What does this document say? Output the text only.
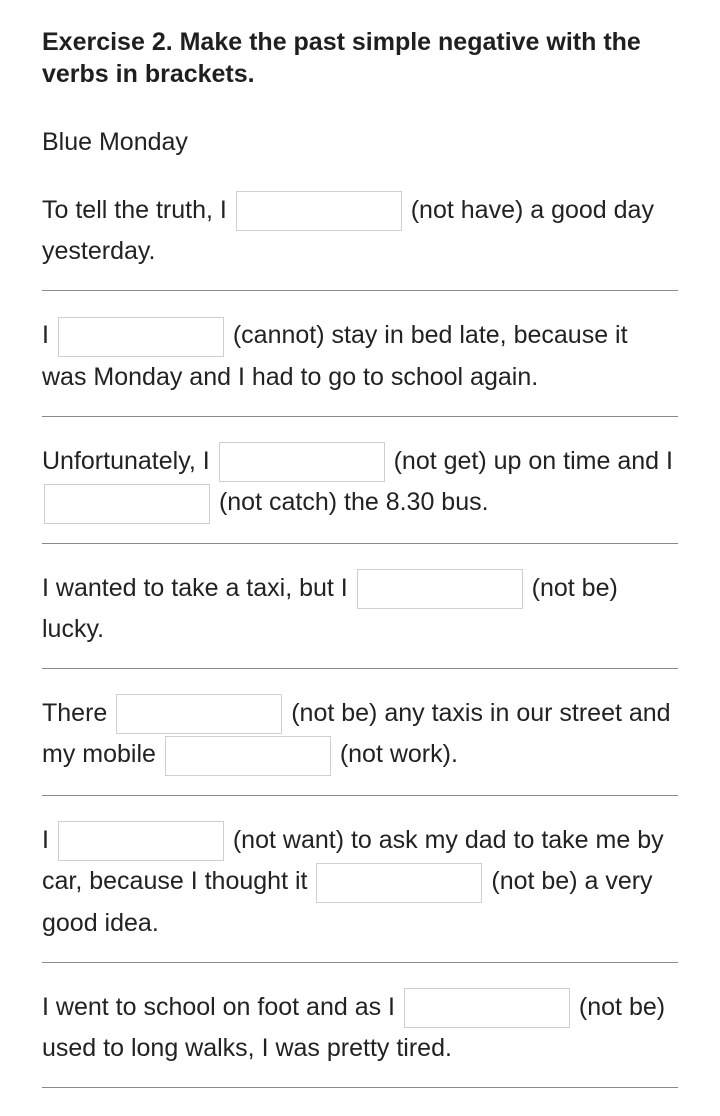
Exercise 2. Make the past simple negative with the verbs in brackets.
Blue Monday
To tell the truth, I	(not have) a good day yesterday.
I	(cannot) stay in bed late, because it was Monday and I had to go to school again.
Unfortunately, I	(not get) up on time and I  (not catch) the 8.30 bus.
I wanted to take a taxi, but I	(not be) lucky.
There	(not be) any taxis in our street and my mobile	(not work).
I	(not want) to ask my dad to take me by car, because I thought it	(not be) a very good idea.
I went to school on foot and as I	(not be) used to long walks, I was pretty tired.
